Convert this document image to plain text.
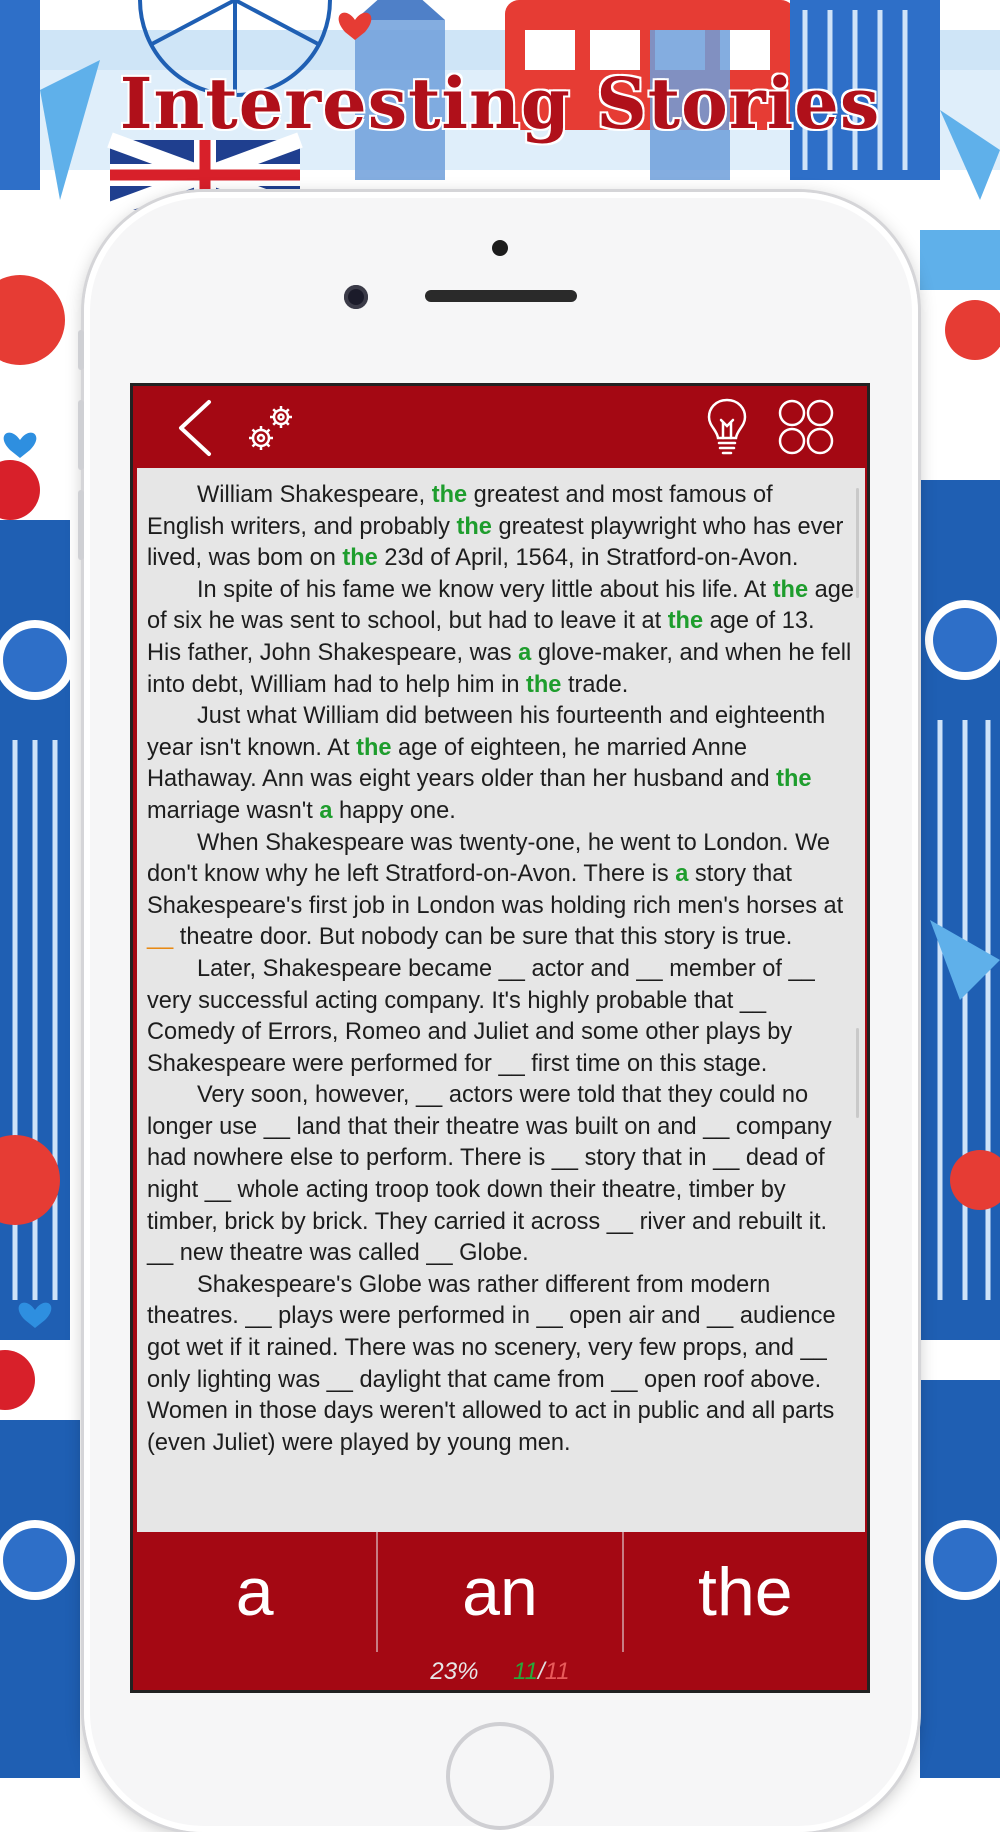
Interesting Stories

William Shakespeare, the greatest and most famous of English writers, and probably the greatest playwright who has ever lived, was bom on the 23d of April, 1564, in Stratford-on-Avon.

In spite of his fame we know very little about his life. At the age of six he was sent to school, but had to leave it at the age of 13. His father, John Shakespeare, was a glove-maker, and when he fell into debt, William had to help him in the trade.

Just what William did between his fourteenth and eighteenth year isn't known. At the age of eighteen, he married Anne Hathaway. Ann was eight years older than her husband and the marriage wasn't a happy one.

When Shakespeare was twenty-one, he went to London. We don't know why he left Stratford-on-Avon. There is a story that Shakespeare's first job in London was holding rich men's horses at __ theatre door. But nobody can be sure that this story is true.

Later, Shakespeare became __ actor and __ member of __ very successful acting company. It's highly probable that __ Comedy of Errors, Romeo and Juliet and some other plays by Shakespeare were performed for __ first time on this stage.

Very soon, however, __ actors were told that they could no longer use __ land that their theatre was built on and __ company had nowhere else to perform. There is __ story that in __ dead of night __ whole acting troop took down their theatre, timber by timber, brick by brick. They carried it across __ river and rebuilt it. __ new theatre was called __ Globe.

Shakespeare's Globe was rather different from modern theatres. __ plays were performed in __ open air and __ audience got wet if it rained. There was no scenery, very few props, and __ only lighting was __ daylight that came from __ open roof above. Women in those days weren't allowed to act in public and all parts (even Juliet) were played by young men.

a	an	the
23% 11/11
